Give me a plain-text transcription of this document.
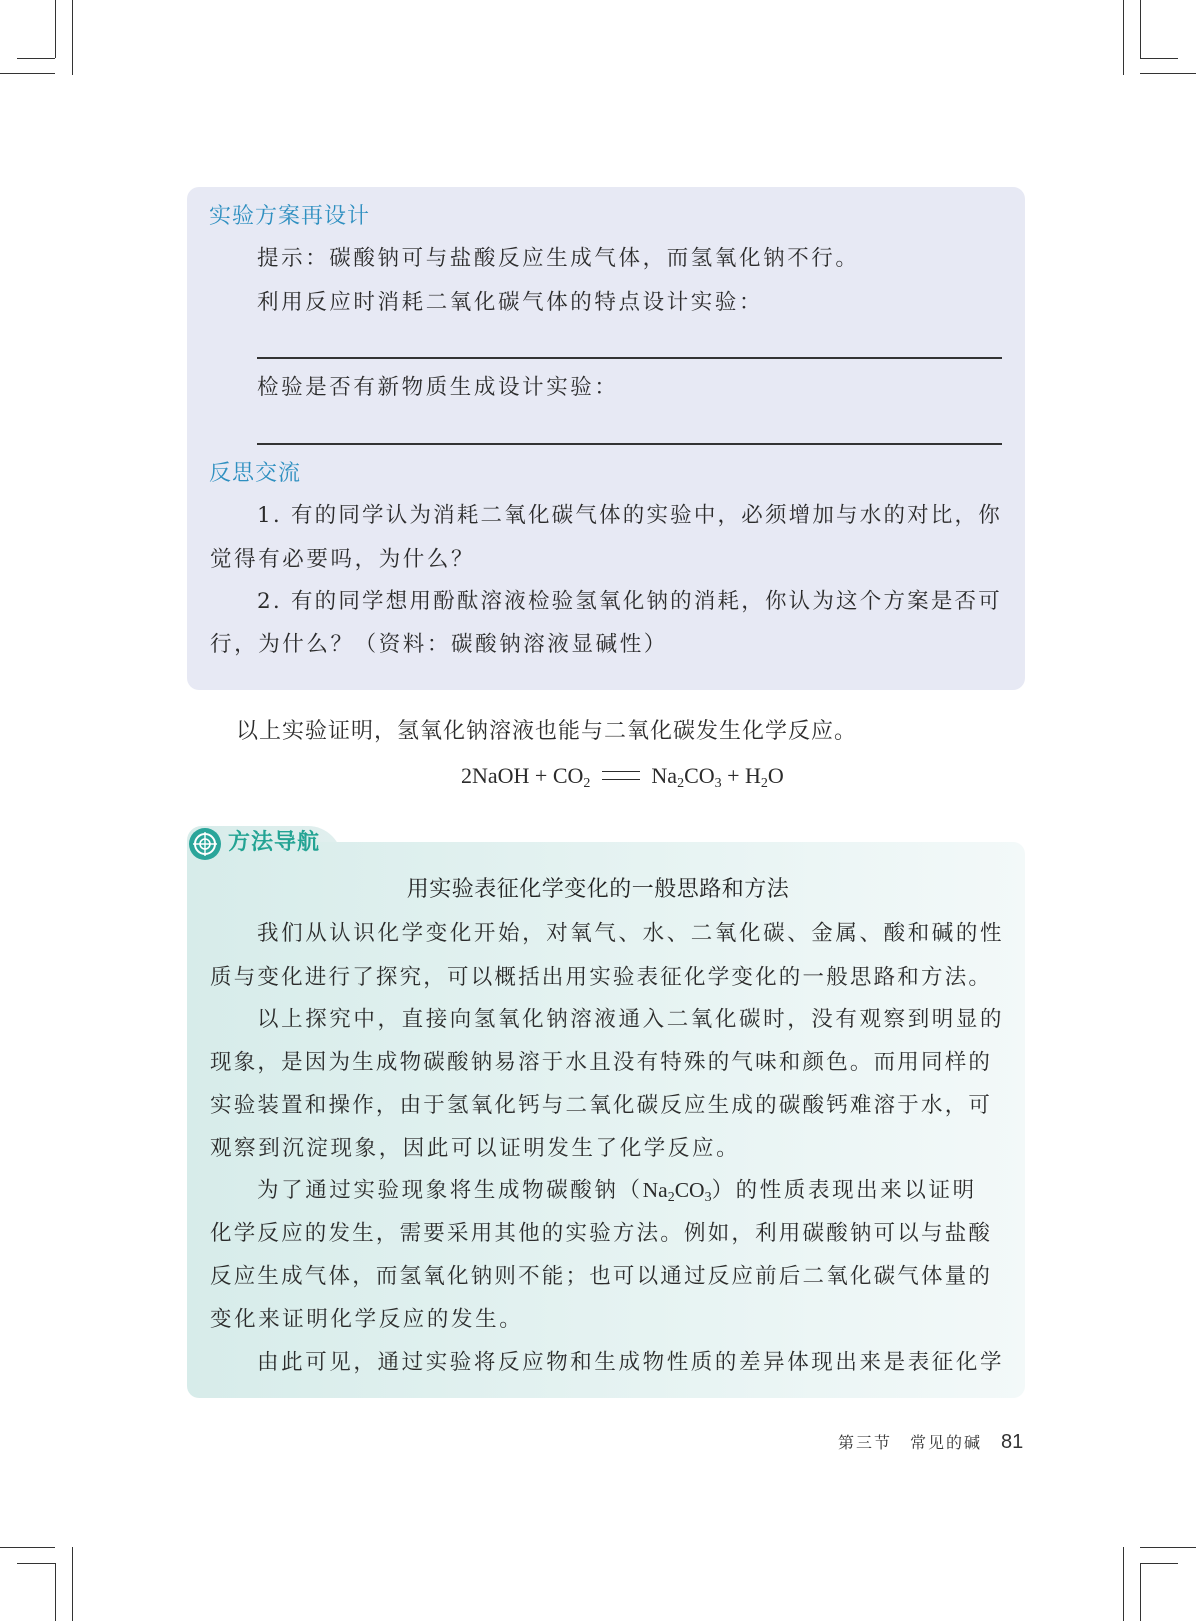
实验方案再设计
提示：碳酸钠可与盐酸反应生成气体，而氢氧化钠不行。
利用反应时消耗二氧化碳气体的特点设计实验：
检验是否有新物质生成设计实验：
反思交流
1. 有的同学认为消耗二氧化碳气体的实验中，必须增加与水的对比，你
觉得有必要吗，为什么？
2. 有的同学想用酚酞溶液检验氢氧化钠的消耗，你认为这个方案是否可
行，为什么？（资料：碳酸钠溶液显碱性）
以上实验证明，氢氧化钠溶液也能与二氧化碳发生化学反应。
2NaOH + $CO_2$	$Na_2CO_3 + H_2O$
方法导航
用实验表征化学变化的一般思路和方法
我们从认识化学变化开始，对氧气、水、二氧化碳、金属、酸和碱的性
质与变化进行了探究，可以概括出用实验表征化学变化的一般思路和方法。
以上探究中，直接向氢氧化钠溶液通入二氧化碳时，没有观察到明显的
现象，是因为生成物碳酸钠易溶于水且没有特殊的气味和颜色。而用同样的
实验装置和操作，由于氢氧化钙与二氧化碳反应生成的碳酸钙难溶于水，可
观察到沉淀现象，因此可以证明发生了化学反应。
为了通过实验现象将生成物碳酸钠$(Na_2CO_3)$的性质表现出来以证明
化学反应的发生，需要采用其他的实验方法。例如，利用碳酸钠可以与盐酸
反应生成气体，而氢氧化钠则不能；也可以通过反应前后二氧化碳气体量的
变化来证明化学反应的发生。
由此可见，通过实验将反应物和生成物性质的差异体现出来是表征化学
第三节　常见的碱 81
